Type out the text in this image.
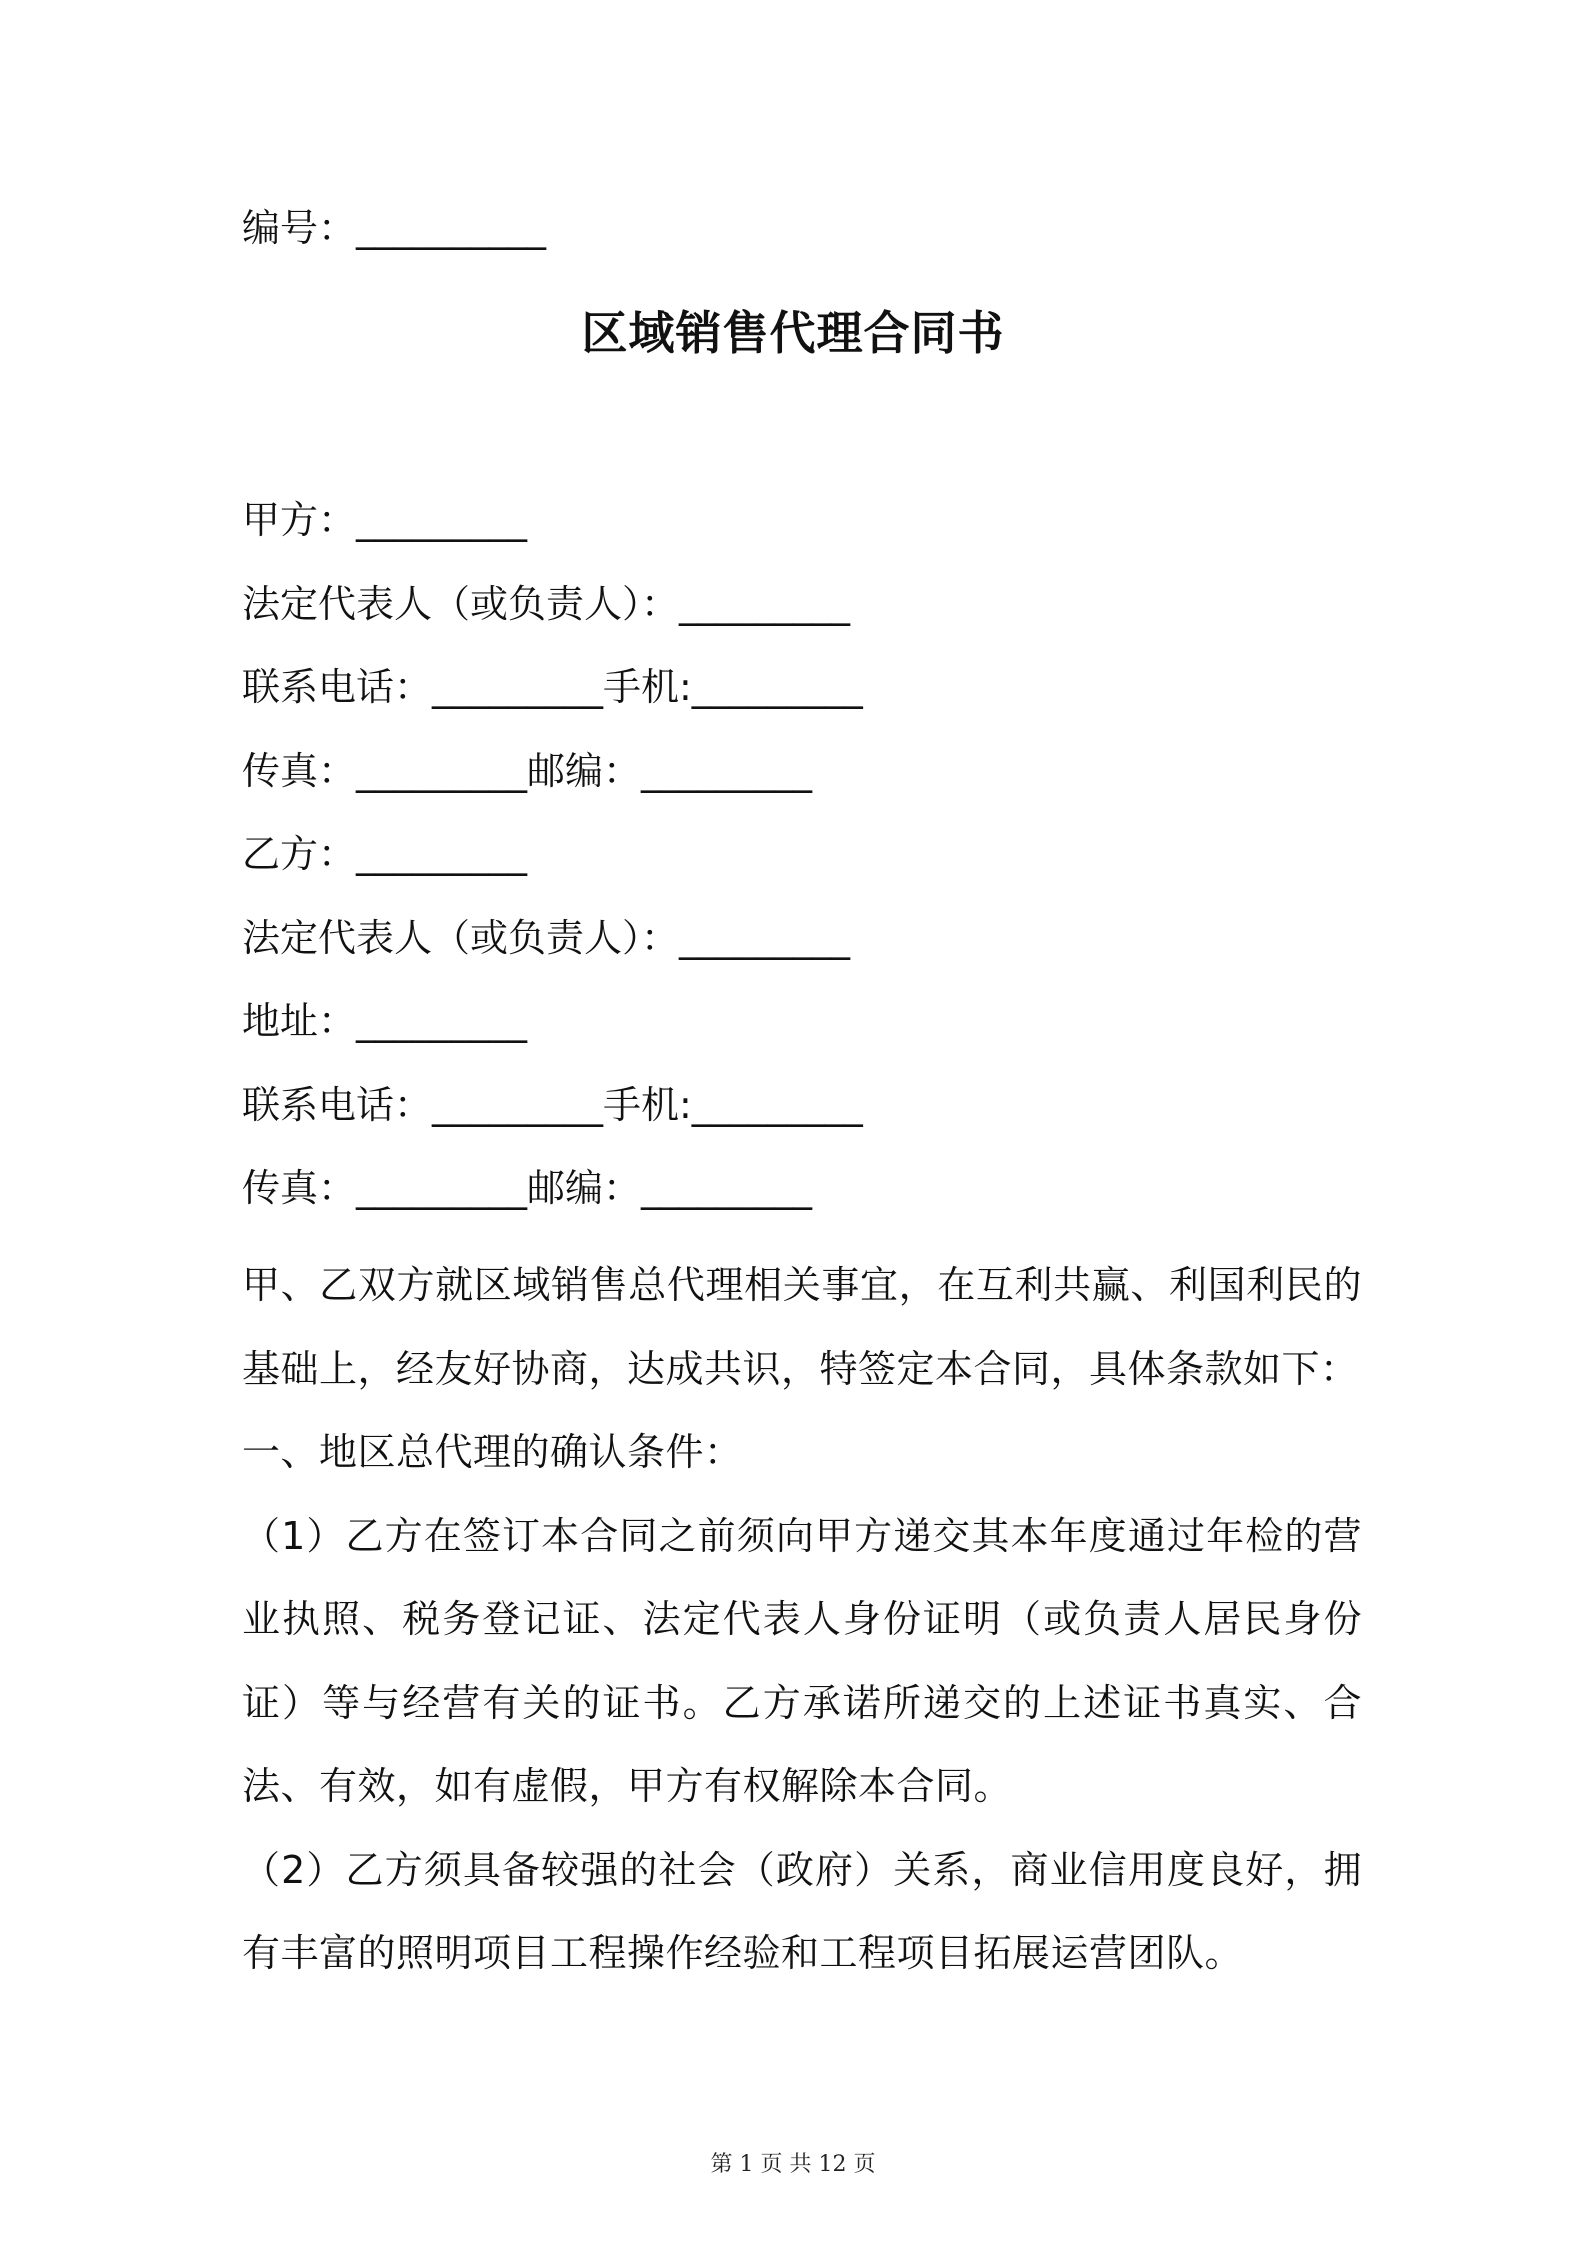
编号：__________
区域销售代理合同书
甲方：_________
法定代表人（或负责人）：_________
联系电话：_________手机:_________
传真：_________邮编：_________
乙方：_________
法定代表人（或负责人）：_________
地址：_________
联系电话：_________手机:_________
传真：_________邮编：_________

甲、乙双方就区域销售总代理相关事宜，在互利共赢、利国利民的基础上，经友好协商，达成共识，特签定本合同，具体条款如下：

一、地区总代理的确认条件：

（1）乙方在签订本合同之前须向甲方递交其本年度通过年检的营业执照、税务登记证、法定代表人身份证明（或负责人居民身份证）等与经营有关的证书。乙方承诺所递交的上述证书真实、合法、有效，如有虚假，甲方有权解除本合同。

（2）乙方须具备较强的社会（政府）关系，商业信用度良好，拥有丰富的照明项目工程操作经验和工程项目拓展运营团队。

第 1 页 共 12 页
